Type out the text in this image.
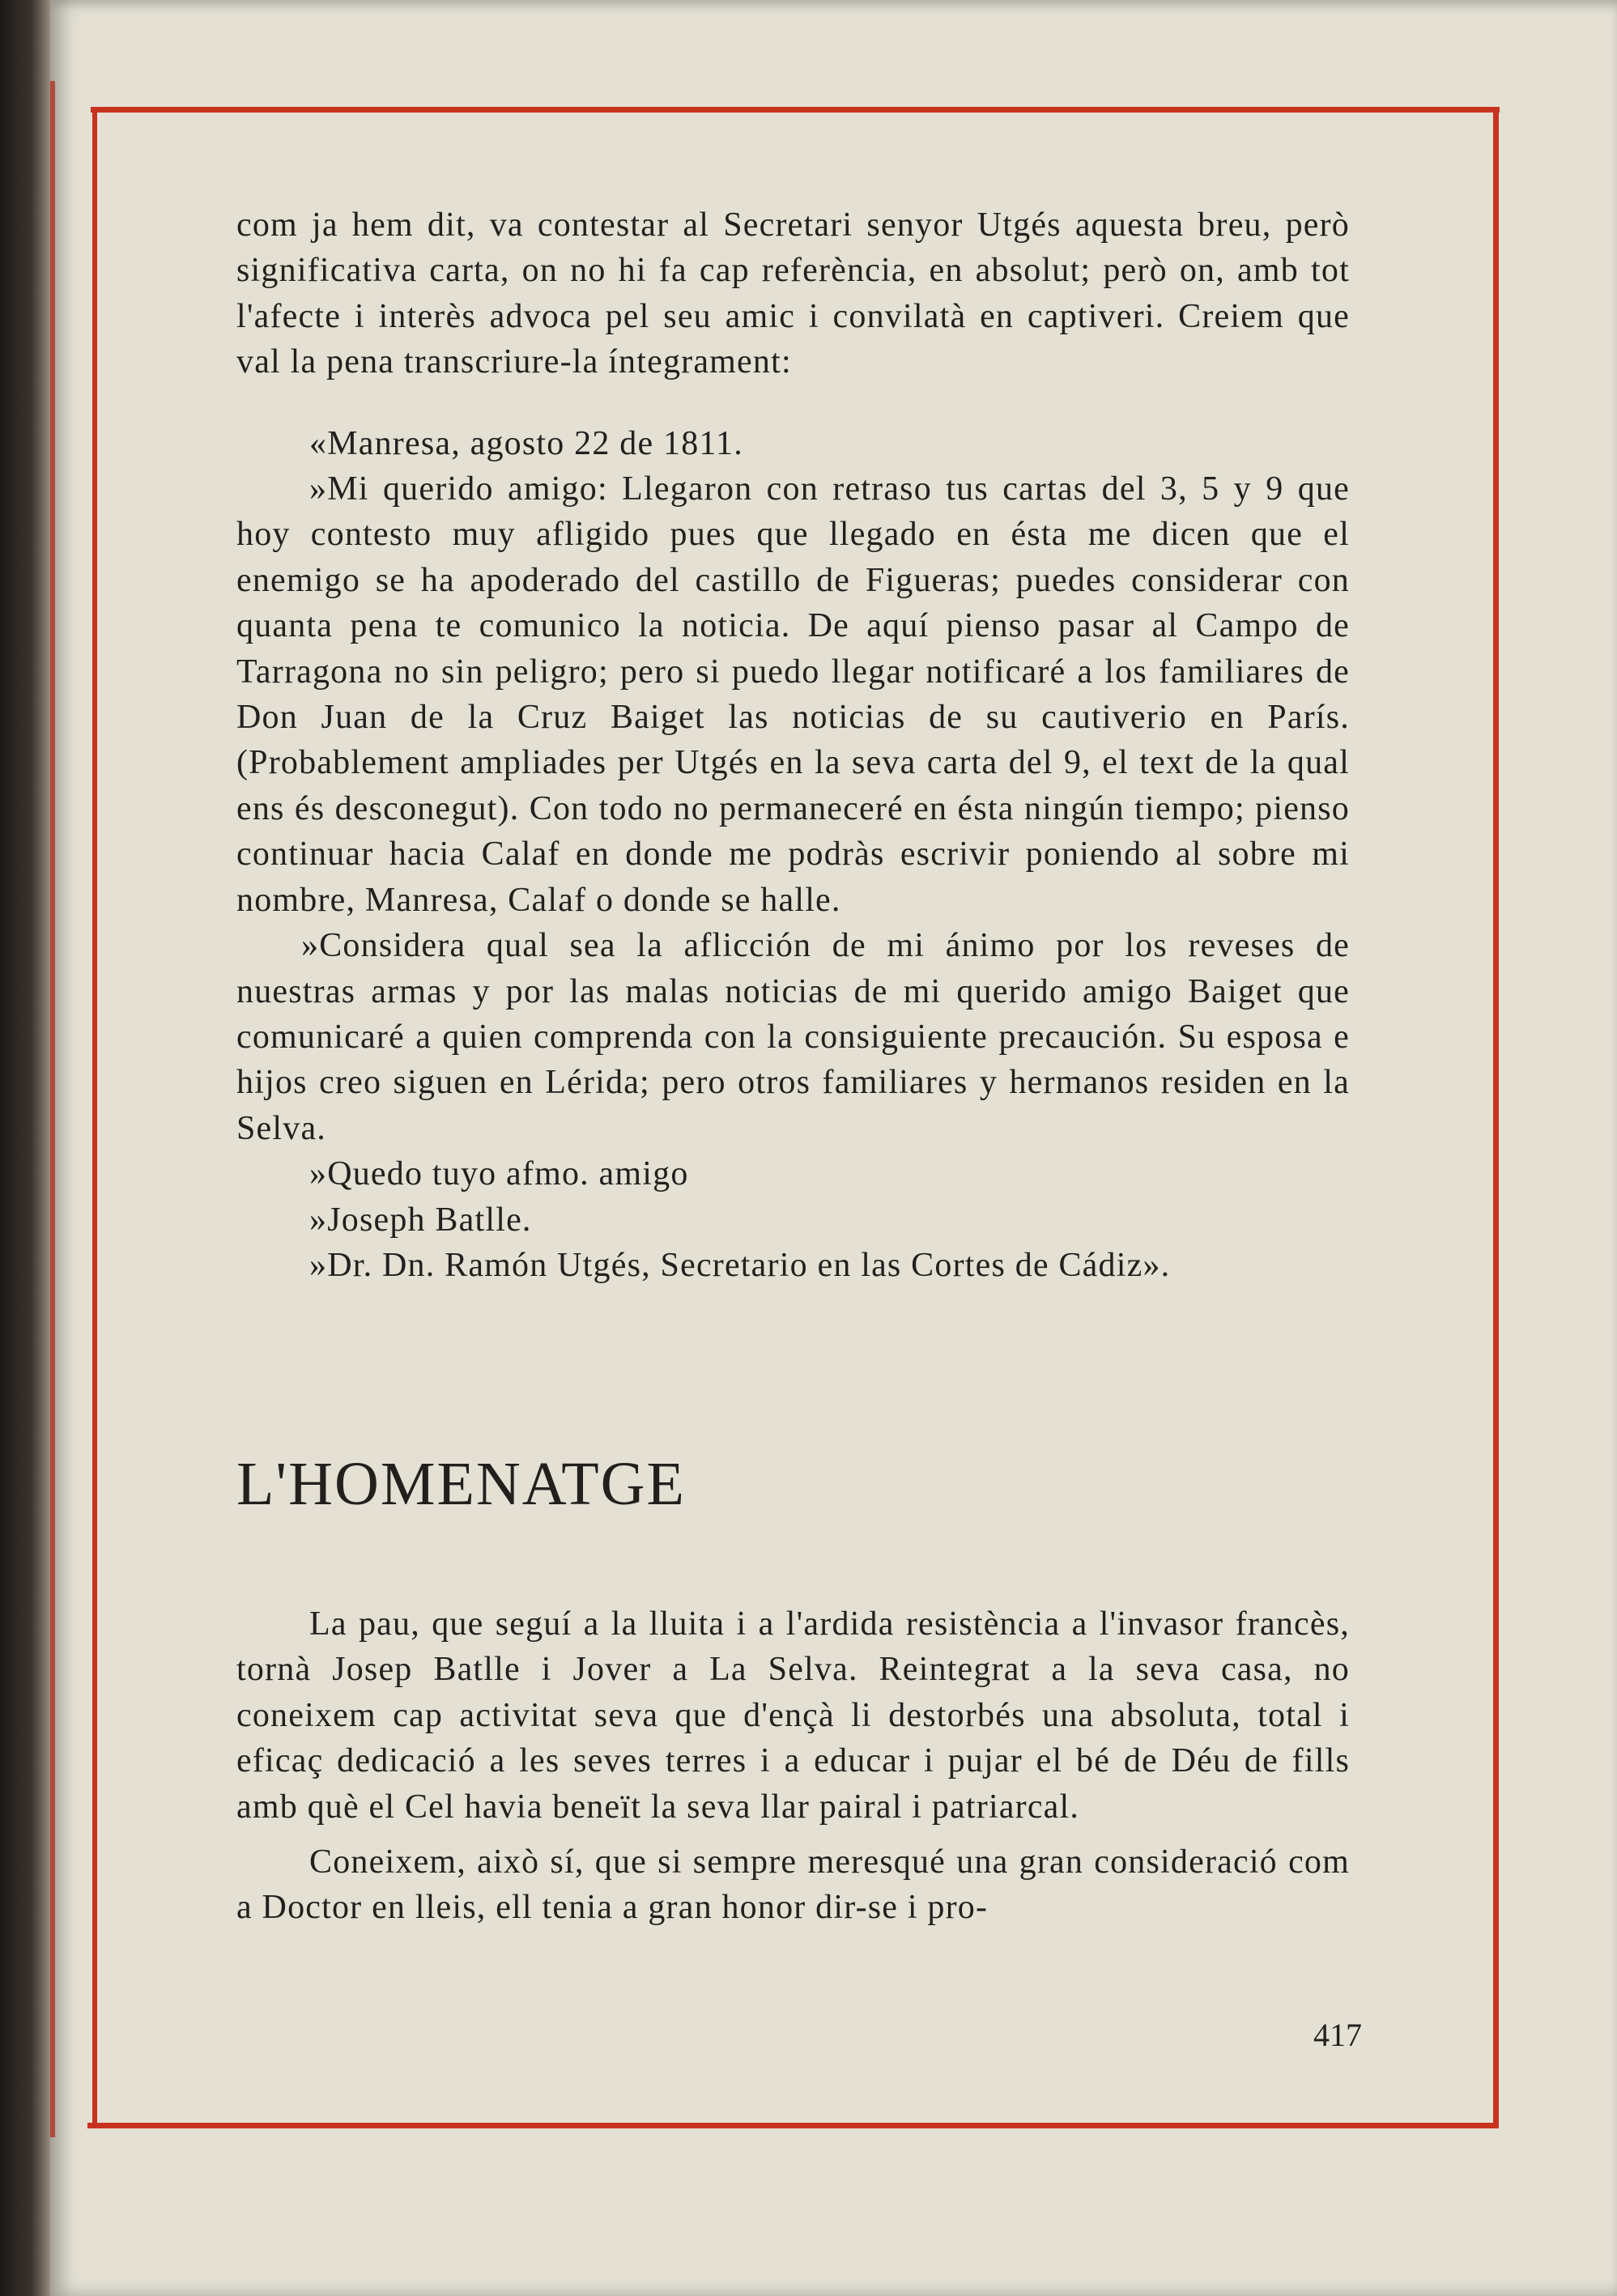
com ja hem dit, va contestar al Secretari senyor Utgés aquesta breu, però significativa carta, on no hi fa cap referència, en absolut; però on, amb tot l'afecte i interès advoca pel seu amic i convilatà en captiveri. Creiem que val la pena transcriure-la íntegrament:

«Manresa, agosto 22 de 1811.

»Mi querido amigo: Llegaron con retraso tus cartas del 3, 5 y 9 que hoy contesto muy afligido pues que llegado en ésta me dicen que el enemigo se ha apoderado del castillo de Figueras; puedes considerar con quanta pena te comunico la noticia. De aquí pienso pasar al Campo de Tarragona no sin peligro; pero si puedo llegar notificaré a los familiares de Don Juan de la Cruz Baiget las noticias de su cautiverio en París. (Probablement ampliades per Utgés en la seva carta del 9, el text de la qual ens és desconegut). Con todo no permaneceré en ésta ningún tiempo; pienso continuar hacia Calaf en donde me podràs escrivir poniendo al sobre mi nombre, Manresa, Calaf o donde se halle.

»Considera qual sea la aflicción de mi ánimo por los reveses de nuestras armas y por las malas noticias de mi querido amigo Baiget que comunicaré a quien comprenda con la consiguiente precaución. Su esposa e hijos creo siguen en Lérida; pero otros familiares y hermanos residen en la Selva.

»Quedo tuyo afmo. amigo

»Joseph Batlle.

»Dr. Dn. Ramón Utgés, Secretario en las Cortes de Cádiz».

L'HOMENATGE

La pau, que seguí a la lluita i a l'ardida resistència a l'invasor francès, tornà Josep Batlle i Jover a La Selva. Reintegrat a la seva casa, no coneixem cap activitat seva que d'ençà li destorbés una absoluta, total i eficaç dedicació a les seves terres i a educar i pujar el bé de Déu de fills amb què el Cel havia beneït la seva llar pairal i patriarcal.

Coneixem, això sí, que si sempre meresqué una gran consideració com a Doctor en lleis, ell tenia a gran honor dir-se i pro-

417
